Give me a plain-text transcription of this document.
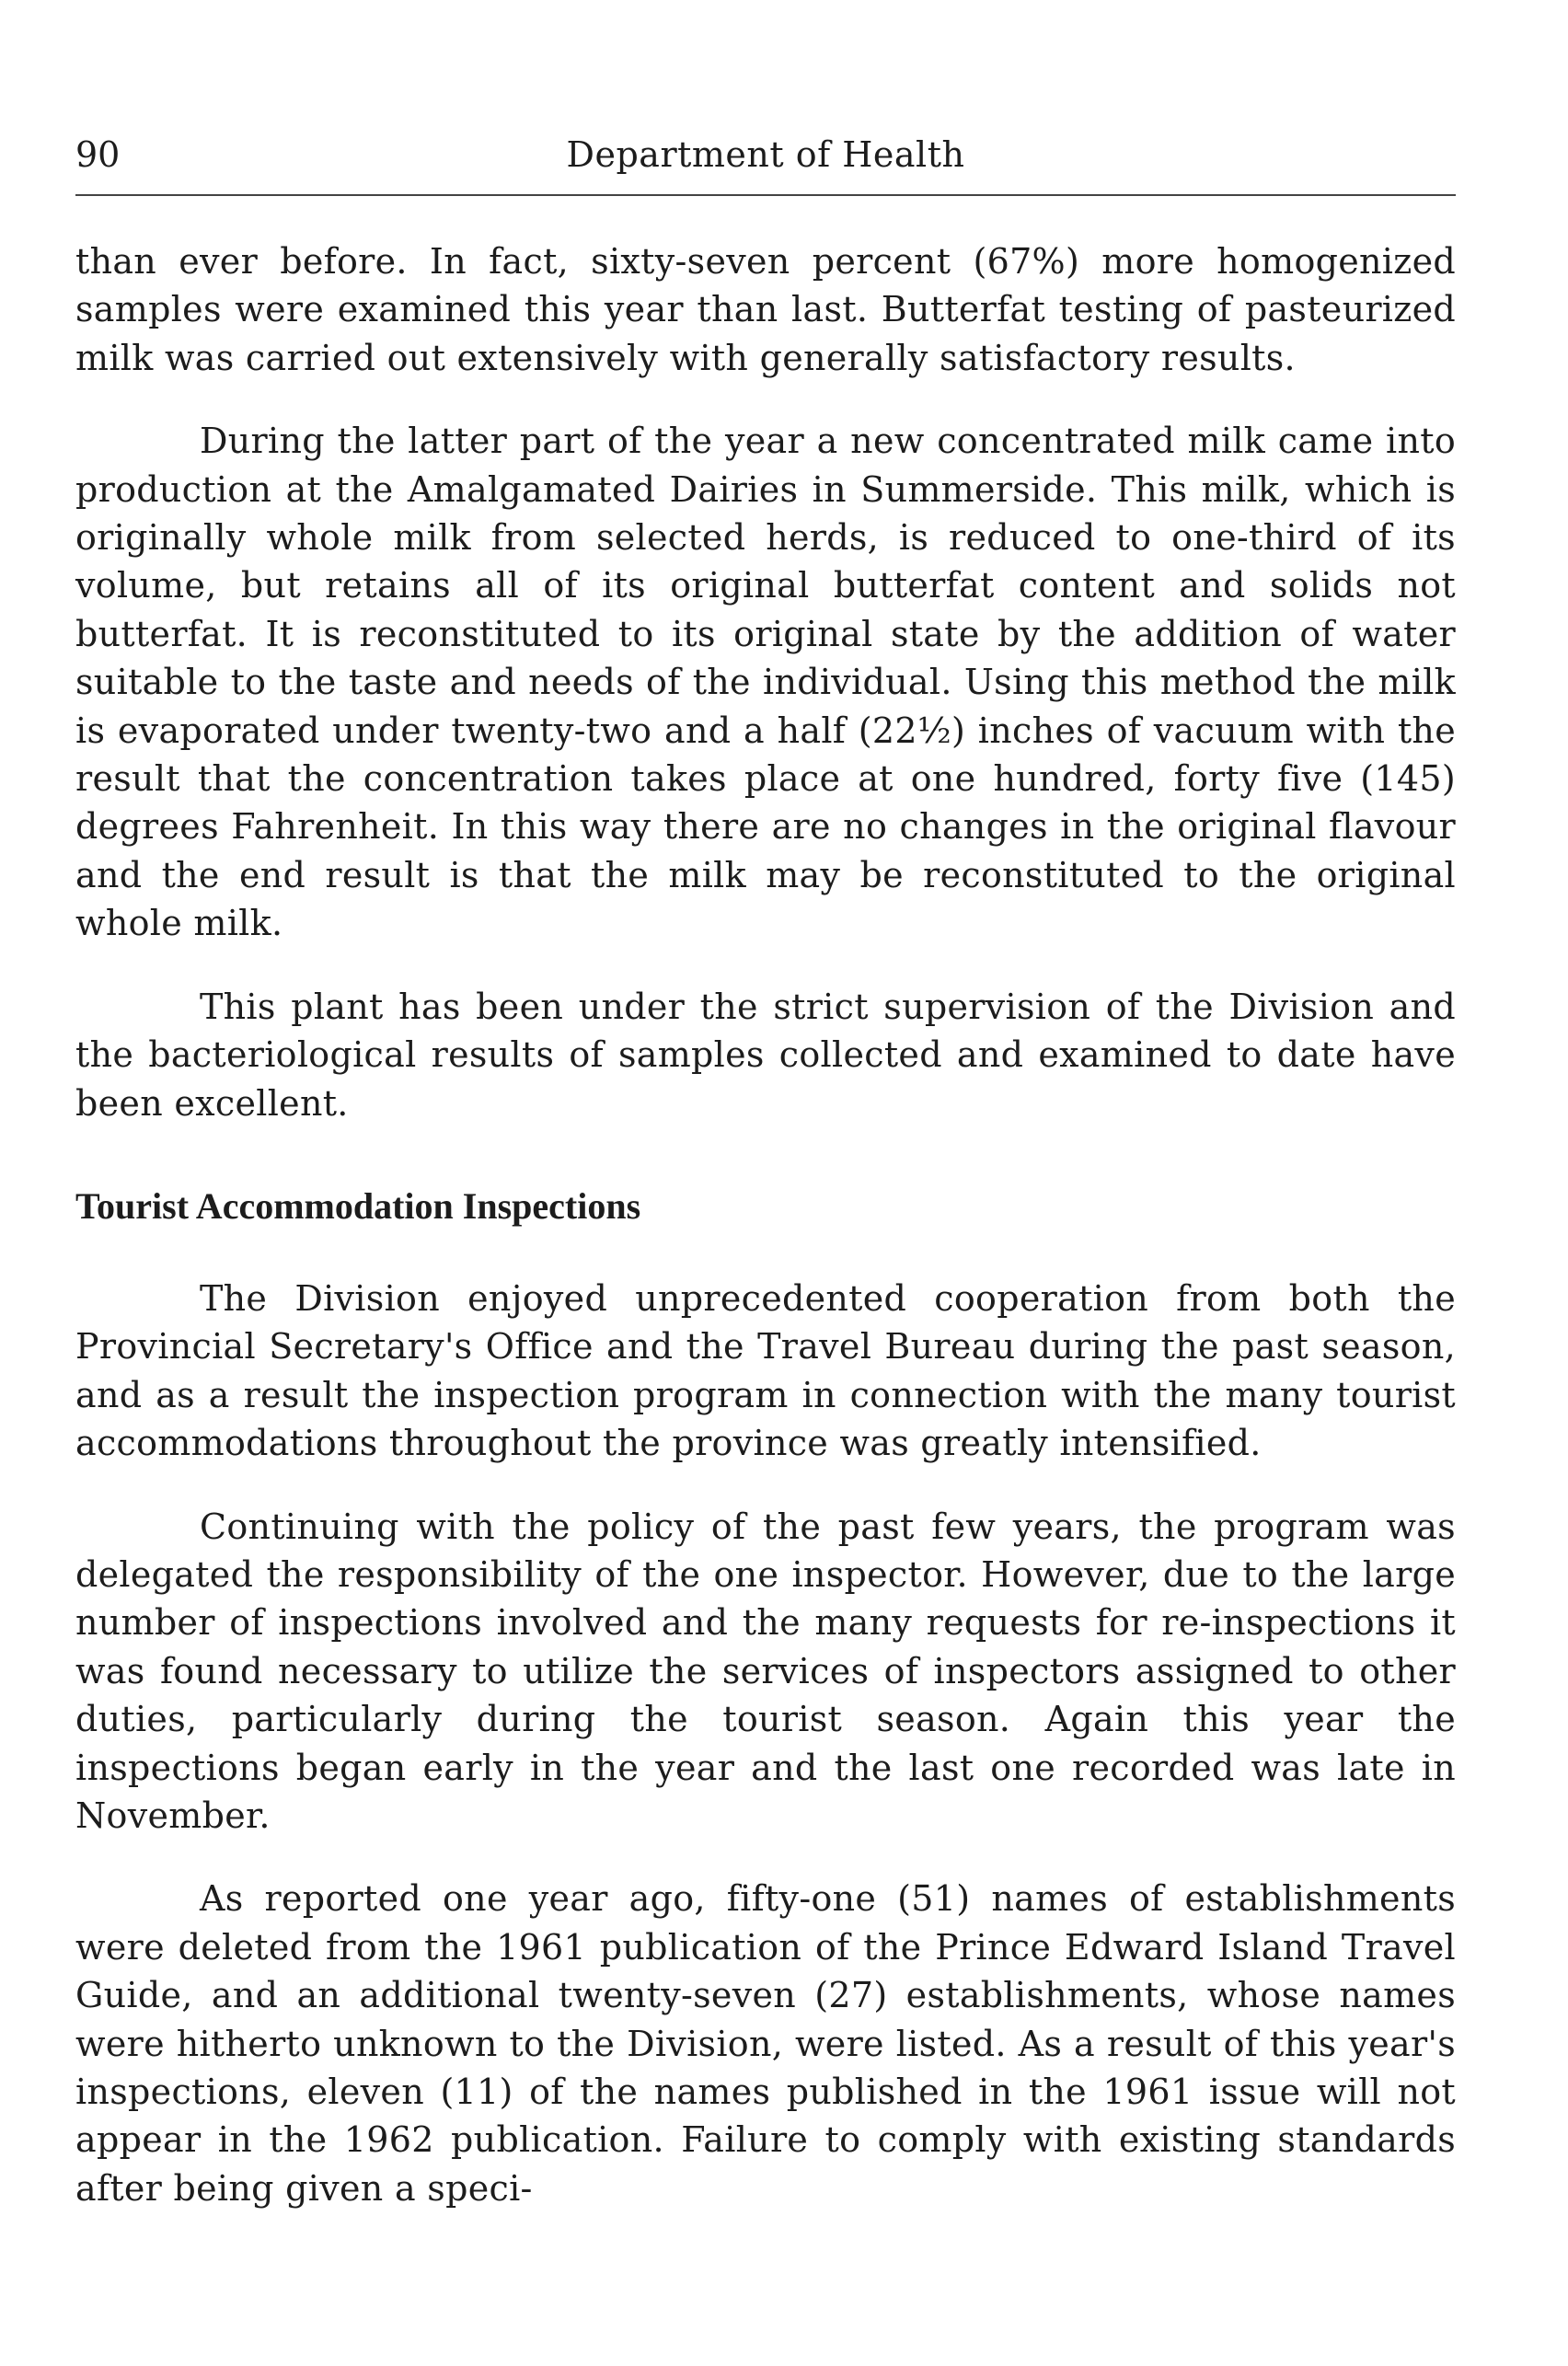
90	Department of Health

than ever before. In fact, sixty-seven percent (67%) more homogenized samples were examined this year than last. Butterfat testing of pasteurized milk was carried out extensively with generally satisfactory results.

During the latter part of the year a new concentrated milk came into production at the Amalgamated Dairies in Summerside. This milk, which is originally whole milk from selected herds, is reduced to one-third of its volume, but retains all of its original butterfat content and solids not butterfat. It is reconstituted to its original state by the addition of water suitable to the taste and needs of the individual. Using this method the milk is evaporated under twenty-two and a half (22½) inches of vacuum with the result that the concentration takes place at one hundred, forty five (145) degrees Fahrenheit. In this way there are no changes in the original flavour and the end result is that the milk may be reconstituted to the original whole milk.

This plant has been under the strict supervision of the Division and the bacteriological results of samples collected and examined to date have been excellent.

Tourist Accommodation Inspections

The Division enjoyed unprecedented cooperation from both the Provincial Secretary's Office and the Travel Bureau during the past season, and as a result the inspection program in connection with the many tourist accommodations throughout the province was greatly intensified.

Continuing with the policy of the past few years, the program was delegated the responsibility of the one inspector. However, due to the large number of inspections involved and the many requests for re-inspections it was found necessary to utilize the services of inspectors assigned to other duties, particularly during the tourist season. Again this year the inspections began early in the year and the last one recorded was late in November.

As reported one year ago, fifty-one (51) names of establishments were deleted from the 1961 publication of the Prince Edward Island Travel Guide, and an additional twenty-seven (27) establishments, whose names were hitherto unknown to the Division, were listed. As a result of this year's inspections, eleven (11) of the names published in the 1961 issue will not appear in the 1962 publication. Failure to comply with existing standards after being given a speci-
